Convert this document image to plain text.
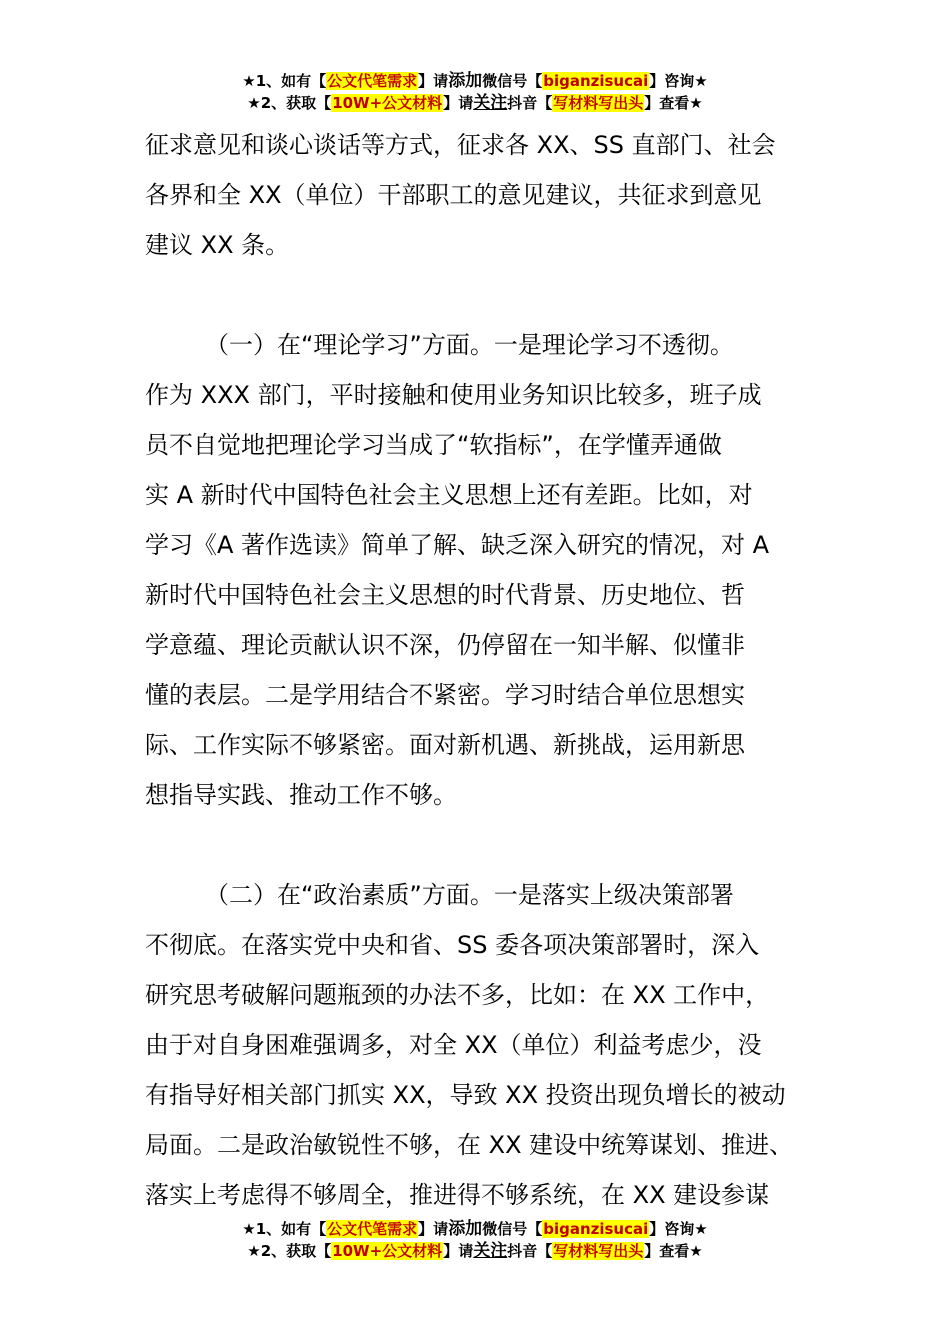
★1、如有【公文代笔需求】请添加微信号【biganzisucai】咨询★
★2、获取【10W+公文材料】请关注抖音【写材料写出头】查看★

征求意见和谈心谈话等方式，征求各 XX、SS 直部门、社会
各界和全 XX（单位）干部职工的意见建议，共征求到意见
建议 XX 条。

（一）在“理论学习”方面。一是理论学习不透彻。
作为 XXX 部门，平时接触和使用业务知识比较多，班子成
员不自觉地把理论学习当成了“软指标”，在学懂弄通做
实 A 新时代中国特色社会主义思想上还有差距。比如，对
学习《A 著作选读》简单了解、缺乏深入研究的情况，对 A
新时代中国特色社会主义思想的时代背景、历史地位、哲
学意蕴、理论贡献认识不深，仍停留在一知半解、似懂非
懂的表层。二是学用结合不紧密。学习时结合单位思想实
际、工作实际不够紧密。面对新机遇、新挑战，运用新思
想指导实践、推动工作不够。

（二）在“政治素质”方面。一是落实上级决策部署
不彻底。在落实党中央和省、SS 委各项决策部署时，深入
研究思考破解问题瓶颈的办法不多，比如：在 XX 工作中，
由于对自身困难强调多，对全 XX（单位）利益考虑少，没
有指导好相关部门抓实 XX，导致 XX 投资出现负增长的被动
局面。二是政治敏锐性不够，在 XX 建设中统筹谋划、推进、
落实上考虑得不够周全，推进得不够系统，在 XX 建设参谋

★1、如有【公文代笔需求】请添加微信号【biganzisucai】咨询★
★2、获取【10W+公文材料】请关注抖音【写材料写出头】查看★
